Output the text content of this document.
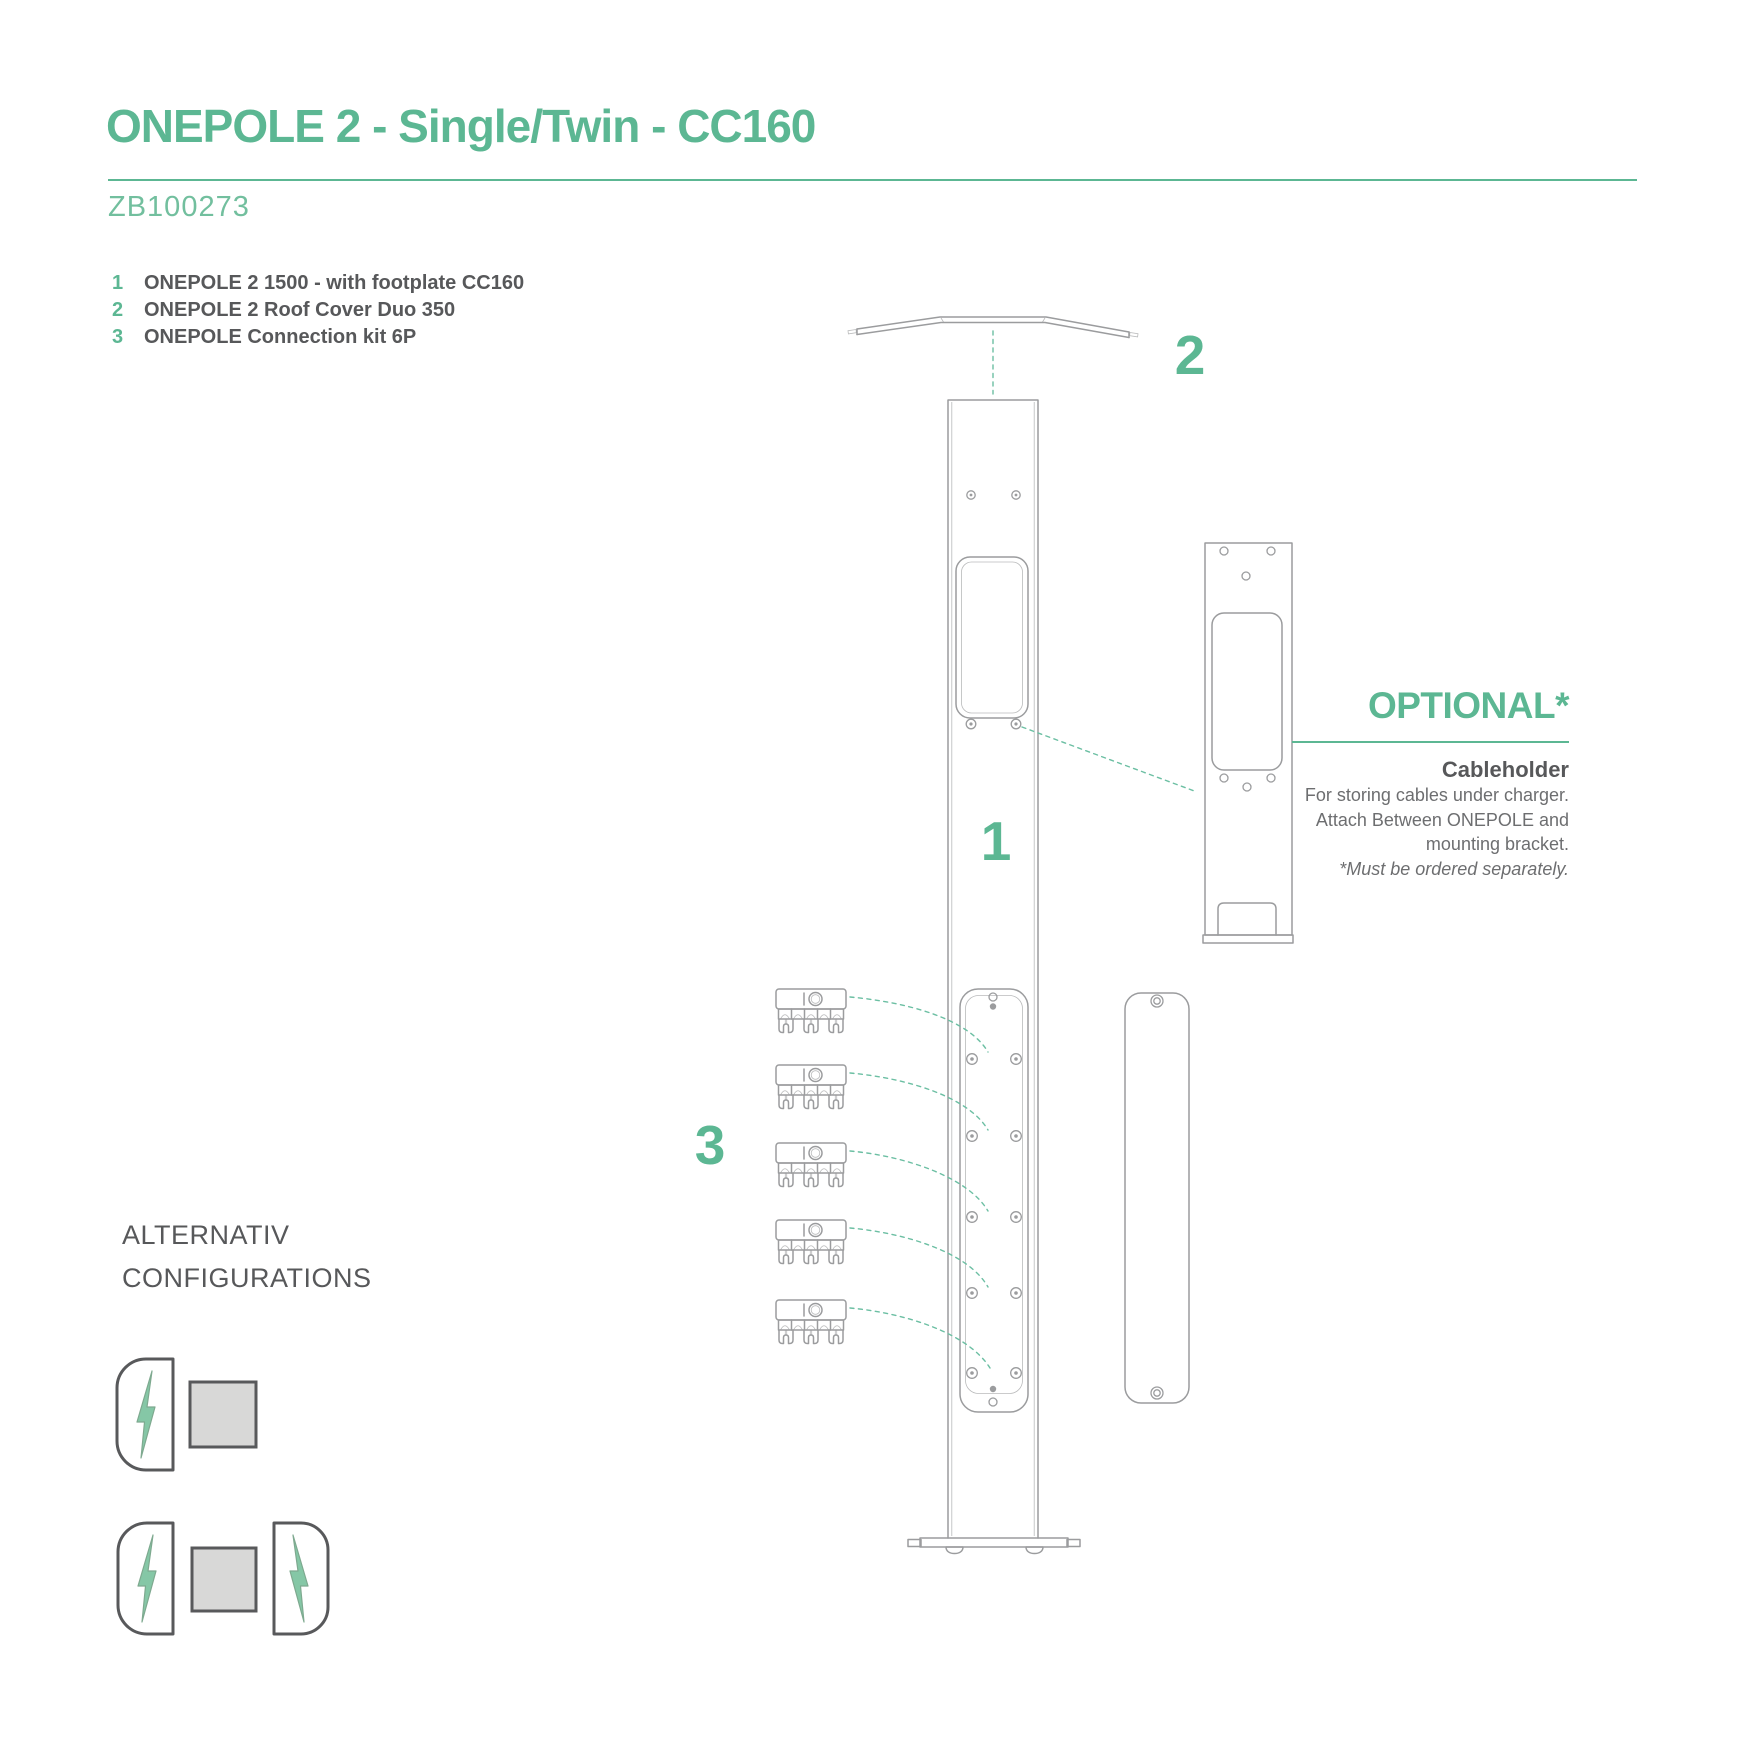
ONEPOLE 2 - Single/Twin - CC160
ZB100273
1	ONEPOLE 2 1500 - with footplate CC160
2	ONEPOLE 2 Roof Cover Duo 350
3	ONEPOLE Connection kit 6P
1
2
3
OPTIONAL*
Cableholder
For storing cables under charger.
Attach Between ONEPOLE and
mounting bracket.
*Must be ordered separately.
ALTERNATIV
CONFIGURATIONS
